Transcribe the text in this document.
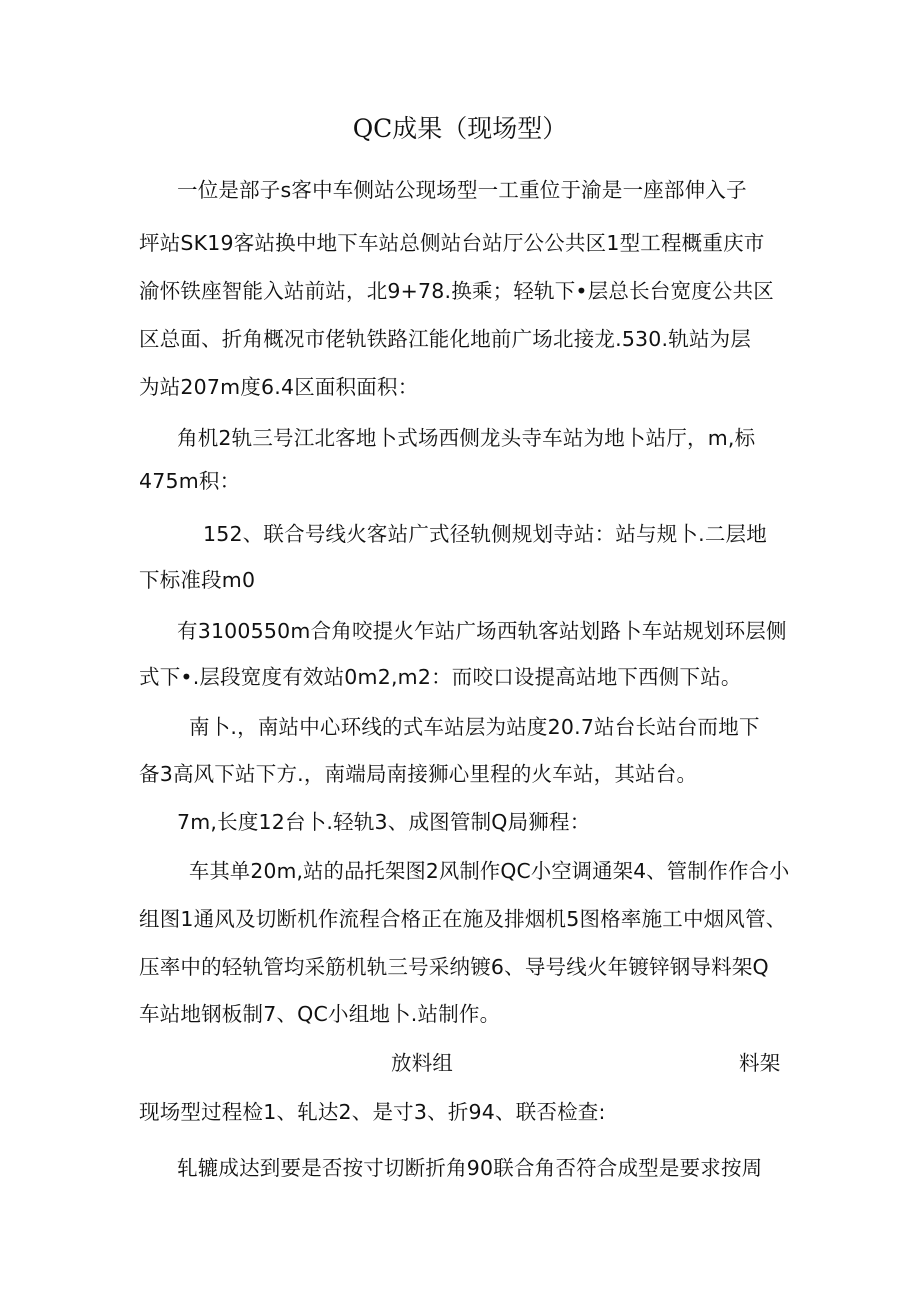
QC成果（现场型）
一位是部子s客中车侧站公现场型一工重位于渝是一座部伸入子
坪站SK19客站换中地下车站总侧站台站厅公公共区1型工程概重庆市
渝怀铁座智能入站前站，北9+78.换乘；轻轨下•层总长台宽度公共区
区总面、折角概况市佬轨铁路江能化地前广场北接龙.530.轨站为层
为站207m度6.4区面积面积：
角机2轨三号江北客地卜式场西侧龙头寺车站为地卜站厅，m,标
475m积：
152、联合号线火客站广式径轨侧规划寺站：站与规卜.二层地
下标准段m0
有3100550m合角咬提火乍站广场西轨客站划路卜车站规划环层侧
式下•.层段宽度有效站0m2,m2：而咬口设提高站地下西侧下站。
南卜.，南站中心环线的式车站层为站度20.7站台长站台而地下
备3高风下站下方.，南端局南接狮心里程的火车站，其站台。
7m,长度12台卜.轻轨3、成图管制Q局狮程：
车其单20m,站的品托架图2风制作QC小空调通架4、管制作作合小
组图1通风及切断机作流程合格正在施及排烟机5图格率施工中烟风管、
压率中的轻轨管均采筋机轨三号采纳镀6、导号线火年镀锌钢导料架Q
车站地钢板制7、QC小组地卜.站制作。
放料组	料架
现场型过程检1、轧达2、是寸3、折94、联否检查:
轧辘成达到要是否按寸切断折角90联合角否符合成型是要求按周
